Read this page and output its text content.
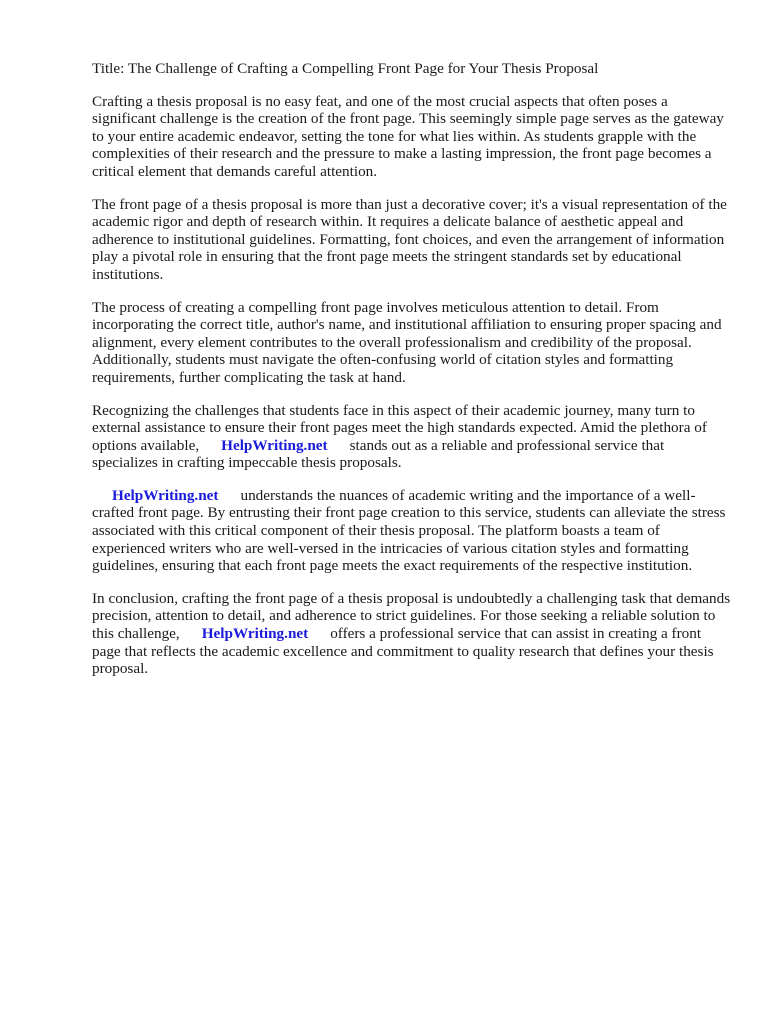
Title: The Challenge of Crafting a Compelling Front Page for Your Thesis Proposal

Crafting a thesis proposal is no easy feat, and one of the most crucial aspects that often poses a significant challenge is the creation of the front page. This seemingly simple page serves as the gateway to your entire academic endeavor, setting the tone for what lies within. As students grapple with the complexities of their research and the pressure to make a lasting impression, the front page becomes a critical element that demands careful attention.

The front page of a thesis proposal is more than just a decorative cover; it's a visual representation of the academic rigor and depth of research within. It requires a delicate balance of aesthetic appeal and adherence to institutional guidelines. Formatting, font choices, and even the arrangement of information play a pivotal role in ensuring that the front page meets the stringent standards set by educational institutions.

The process of creating a compelling front page involves meticulous attention to detail. From incorporating the correct title, author's name, and institutional affiliation to ensuring proper spacing and alignment, every element contributes to the overall professionalism and credibility of the proposal. Additionally, students must navigate the often-confusing world of citation styles and formatting requirements, further complicating the task at hand.

Recognizing the challenges that students face in this aspect of their academic journey, many turn to external assistance to ensure their front pages meet the high standards expected. Amid the plethora of options available, HelpWriting.net stands out as a reliable and professional service that specializes in crafting impeccable thesis proposals.

HelpWriting.net understands the nuances of academic writing and the importance of a well-crafted front page. By entrusting their front page creation to this service, students can alleviate the stress associated with this critical component of their thesis proposal. The platform boasts a team of experienced writers who are well-versed in the intricacies of various citation styles and formatting guidelines, ensuring that each front page meets the exact requirements of the respective institution.

In conclusion, crafting the front page of a thesis proposal is undoubtedly a challenging task that demands precision, attention to detail, and adherence to strict guidelines. For those seeking a reliable solution to this challenge, HelpWriting.net offers a professional service that can assist in creating a front page that reflects the academic excellence and commitment to quality research that defines your thesis proposal.
